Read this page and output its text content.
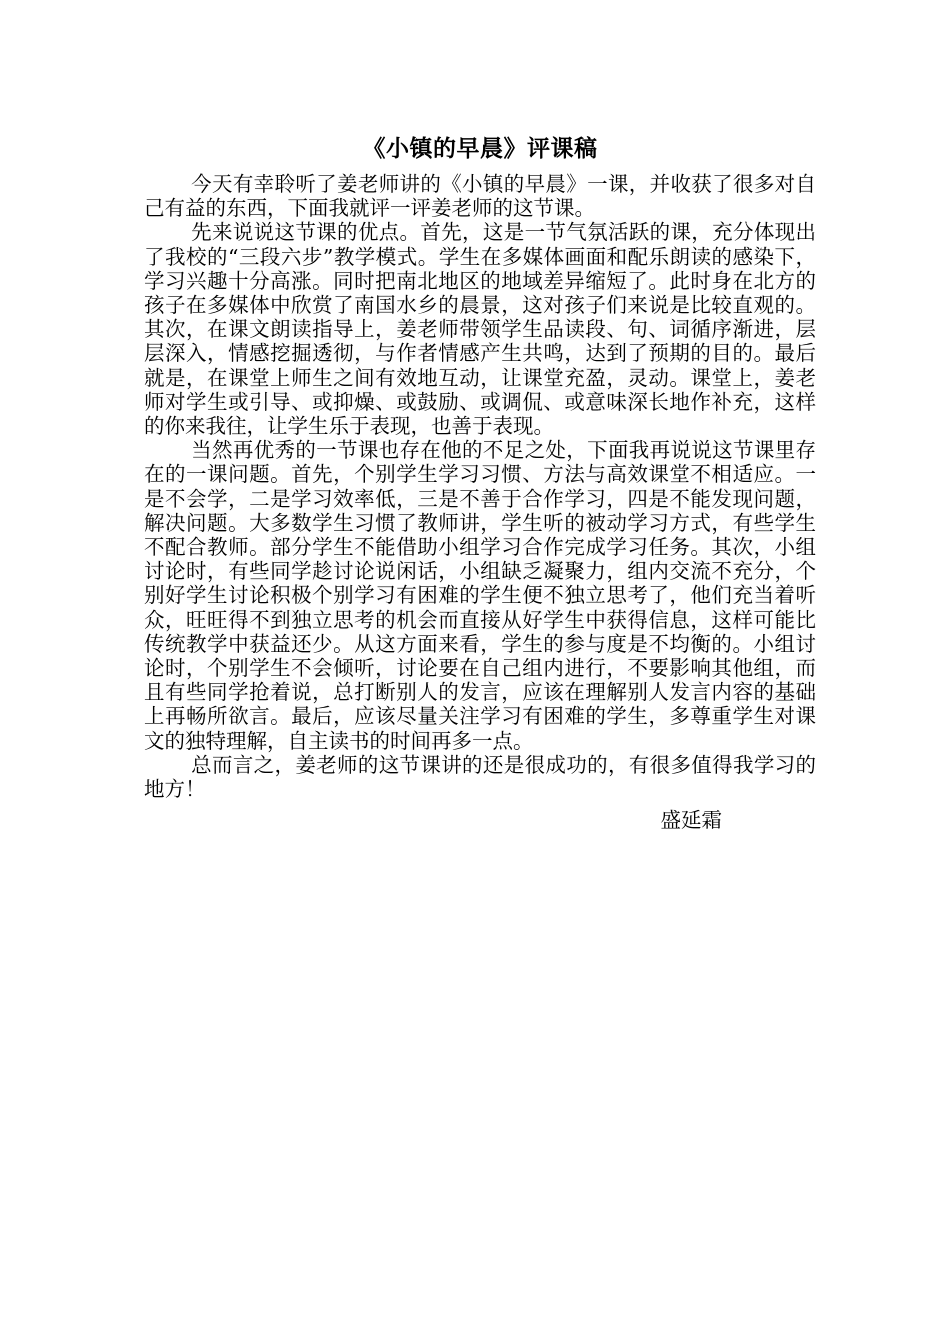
《小镇的早晨》评课稿

今天有幸聆听了姜老师讲的《小镇的早晨》一课，并收获了很多对自己有益的东西，下面我就评一评姜老师的这节课。

先来说说这节课的优点。首先，这是一节气氛活跃的课，充分体现出了我校的“三段六步”教学模式。学生在多媒体画面和配乐朗读的感染下，学习兴趣十分高涨。同时把南北地区的地域差异缩短了。此时身在北方的孩子在多媒体中欣赏了南国水乡的晨景，这对孩子们来说是比较直观的。其次，在课文朗读指导上，姜老师带领学生品读段、句、词循序渐进，层层深入，情感挖掘透彻，与作者情感产生共鸣，达到了预期的目的。最后就是，在课堂上师生之间有效地互动，让课堂充盈，灵动。课堂上，姜老师对学生或引导、或抑燥、或鼓励、或调侃、或意味深长地作补充，这样的你来我往，让学生乐于表现，也善于表现。

当然再优秀的一节课也存在他的不足之处，下面我再说说这节课里存在的一课问题。首先，个别学生学习习惯、方法与高效课堂不相适应。一是不会学，二是学习效率低，三是不善于合作学习，四是不能发现问题，解决问题。大多数学生习惯了教师讲，学生听的被动学习方式，有些学生不配合教师。部分学生不能借助小组学习合作完成学习任务。其次，小组讨论时，有些同学趁讨论说闲话，小组缺乏凝聚力，组内交流不充分，个别好学生讨论积极个别学习有困难的学生便不独立思考了，他们充当着听众，旺旺得不到独立思考的机会而直接从好学生中获得信息，这样可能比传统教学中获益还少。从这方面来看，学生的参与度是不均衡的。小组讨论时，个别学生不会倾听，讨论要在自己组内进行，不要影响其他组，而且有些同学抢着说，总打断别人的发言，应该在理解别人发言内容的基础上再畅所欲言。最后，应该尽量关注学习有困难的学生，多尊重学生对课文的独特理解，自主读书的时间再多一点。

总而言之，姜老师的这节课讲的还是很成功的，有很多值得我学习的地方！

盛延霜
